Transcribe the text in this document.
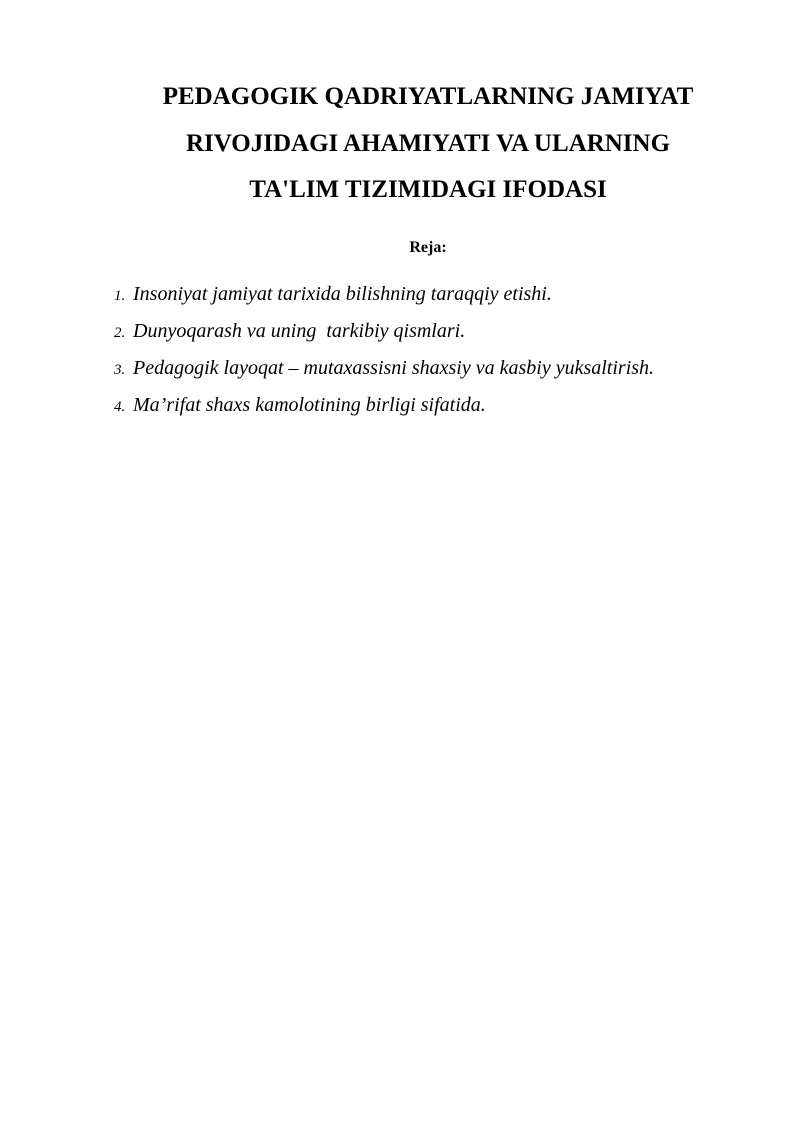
PEDAGOGIK QADRIYATLARNING JAMIYAT
RIVOJIDAGI AHAMIYATI VA ULARNING
TA'LIM TIZIMIDAGI IFODASI

Reja:

1. Insoniyat jamiyat tarixida bilishning taraqqiy etishi.
2. Dunyoqarash va uning  tarkibiy qismlari.
3. Pedagogik layoqat – mutaxassisni shaxsiy va kasbiy yuksaltirish.
4. Ma’rifat shaxs kamolotining birligi sifatida.
